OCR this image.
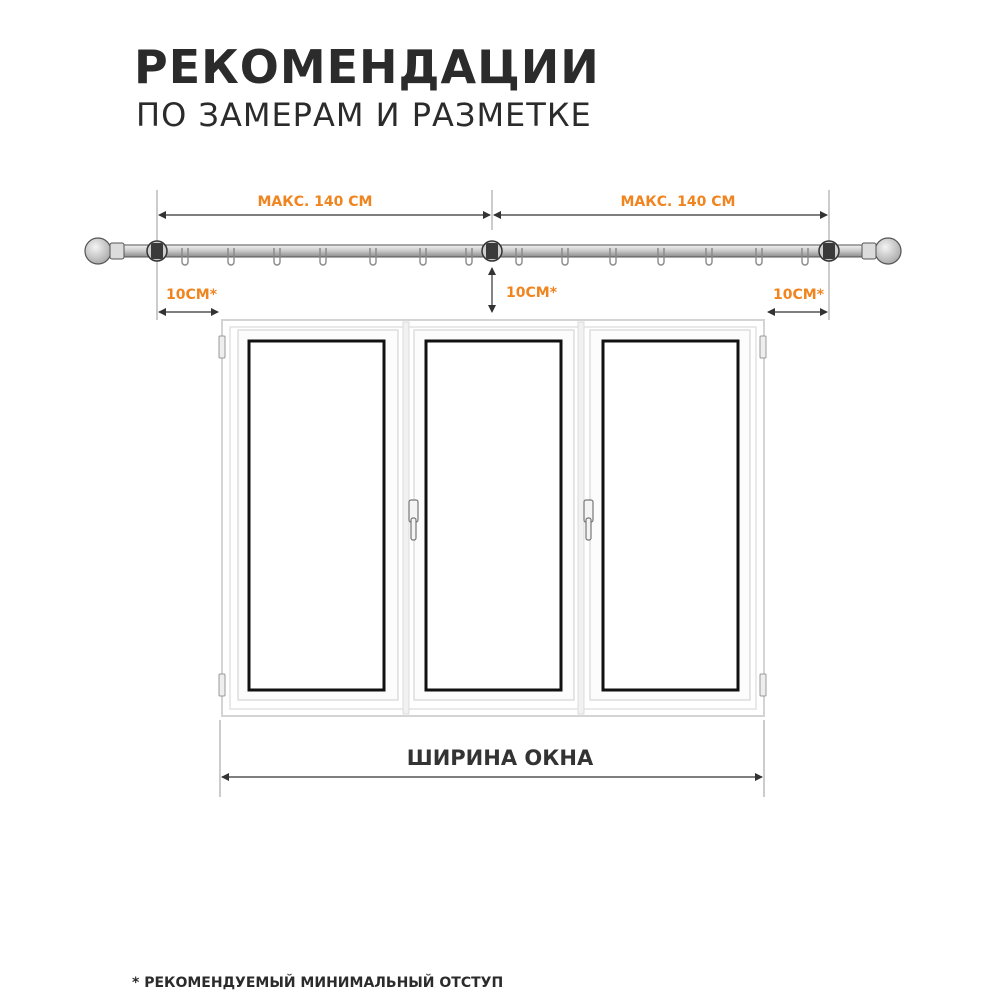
РЕКОМЕНДАЦИИ
ПО ЗАМЕРАМ И РАЗМЕТКЕ
МАКС. 140 СМ	МАКС. 140 СМ
10СМ*	10СМ*	10СМ*
ШИРИНА ОКНА

* РЕКОМЕНДУЕМЫЙ МИНИМАЛЬНЫЙ ОТСТУП
